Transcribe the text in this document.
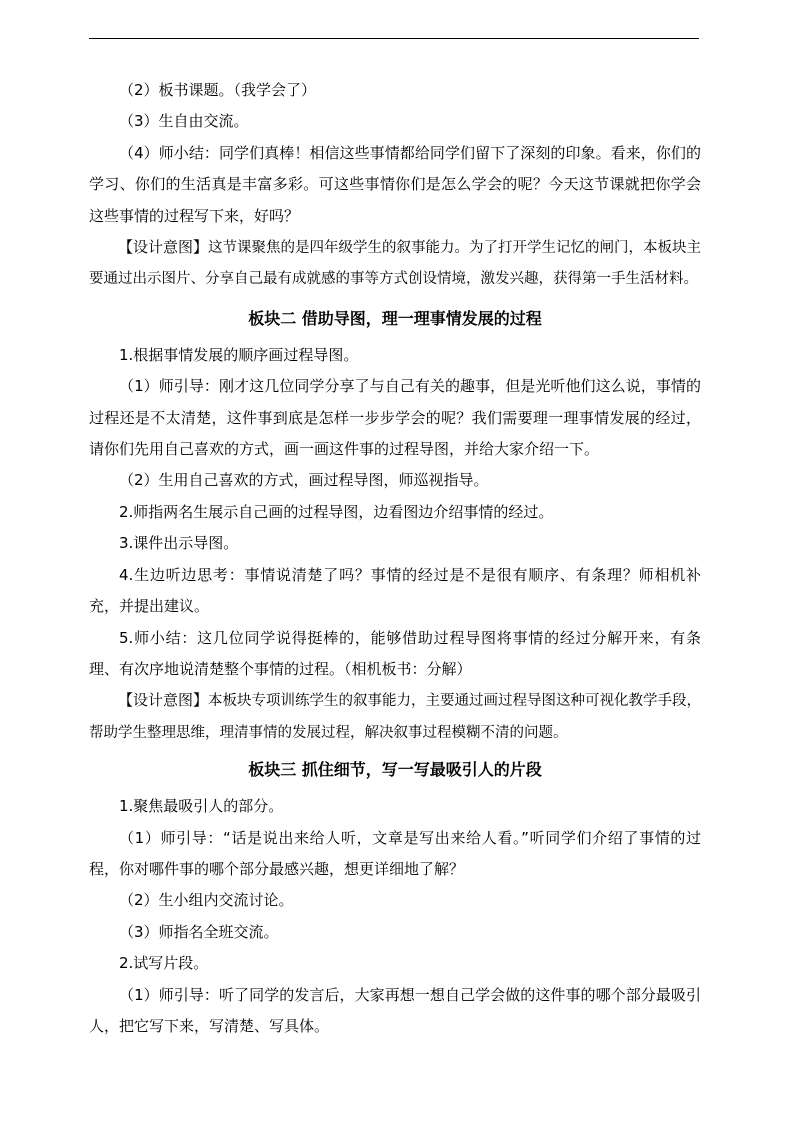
（2）板书课题。（我学会了）

（3）生自由交流。

（4）师小结：同学们真棒！相信这些事情都给同学们留下了深刻的印象。看来，你们的学习、你们的生活真是丰富多彩。可这些事情你们是怎么学会的呢？今天这节课就把你学会这些事情的过程写下来，好吗？

【设计意图】这节课聚焦的是四年级学生的叙事能力。为了打开学生记忆的闸门，本板块主要通过出示图片、分享自己最有成就感的事等方式创设情境，激发兴趣，获得第一手生活材料。

板块二 借助导图，理一理事情发展的过程

1.根据事情发展的顺序画过程导图。

（1）师引导：刚才这几位同学分享了与自己有关的趣事，但是光听他们这么说，事情的过程还是不太清楚，这件事到底是怎样一步步学会的呢？我们需要理一理事情发展的经过，请你们先用自己喜欢的方式，画一画这件事的过程导图，并给大家介绍一下。

（2）生用自己喜欢的方式，画过程导图，师巡视指导。

2.师指两名生展示自己画的过程导图，边看图边介绍事情的经过。

3.课件出示导图。

4.生边听边思考：事情说清楚了吗？事情的经过是不是很有顺序、有条理？师相机补充，并提出建议。

5.师小结：这几位同学说得挺棒的，能够借助过程导图将事情的经过分解开来，有条理、有次序地说清楚整个事情的过程。（相机板书：分解）

【设计意图】本板块专项训练学生的叙事能力，主要通过画过程导图这种可视化教学手段，帮助学生整理思维，理清事情的发展过程，解决叙事过程模糊不清的问题。

板块三 抓住细节，写一写最吸引人的片段

1.聚焦最吸引人的部分。

（1）师引导：“话是说出来给人听，文章是写出来给人看。”听同学们介绍了事情的过程，你对哪件事的哪个部分最感兴趣，想更详细地了解？

（2）生小组内交流讨论。

（3）师指名全班交流。

2.试写片段。

（1）师引导：听了同学的发言后，大家再想一想自己学会做的这件事的哪个部分最吸引人，把它写下来，写清楚、写具体。
